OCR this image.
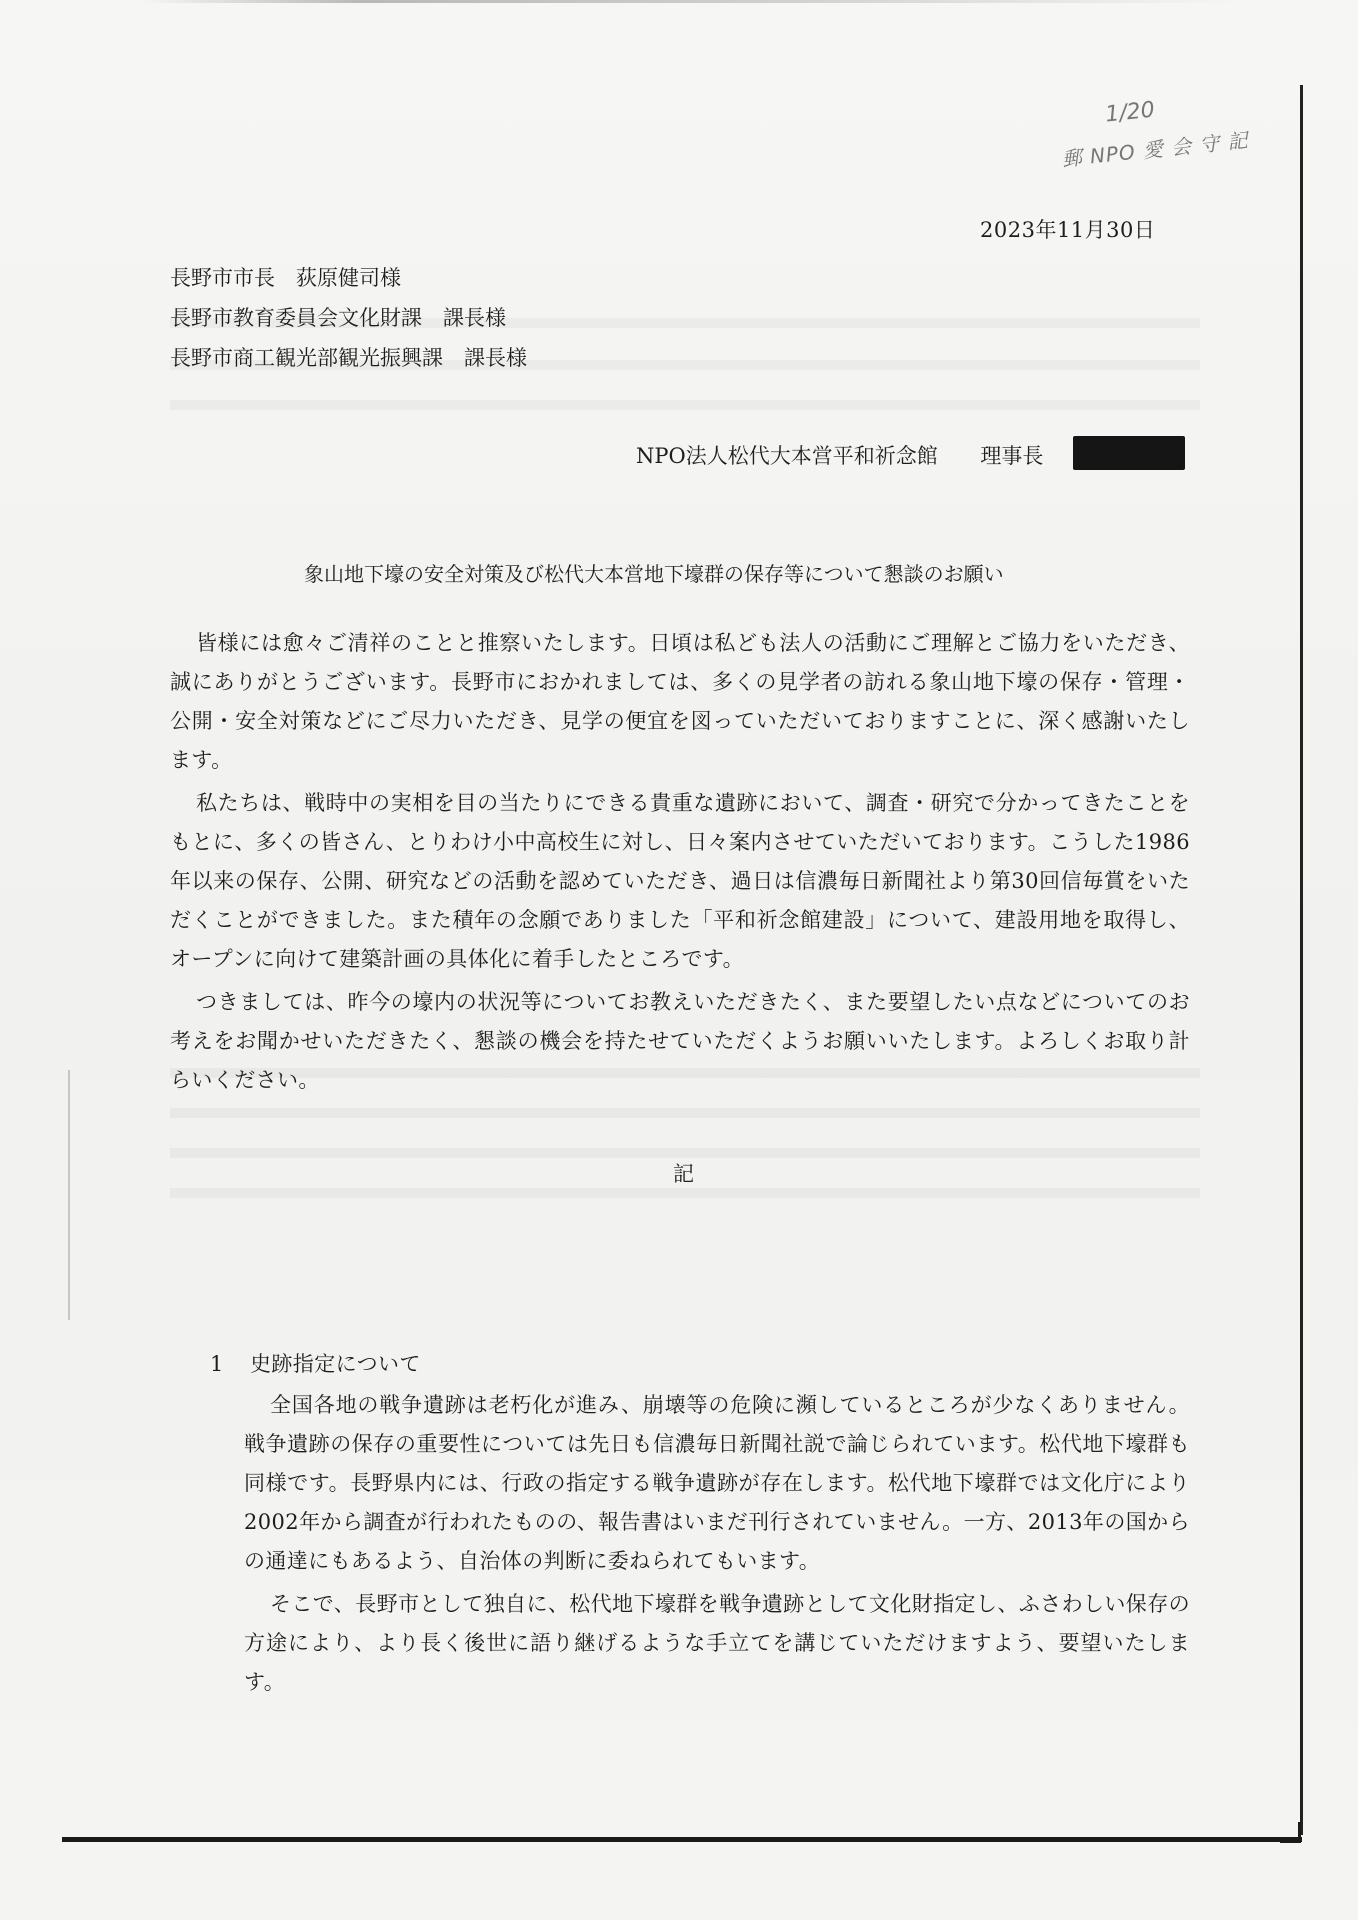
1/20
郵 NPO 愛 会 守 記
2023年11月30日
長野市市長　荻原健司様
長野市教育委員会文化財課　課長様
長野市商工観光部観光振興課　課長様
NPO法人松代大本営平和祈念館 理事長
象山地下壕の安全対策及び松代大本営地下壕群の保存等について懇談のお願い

皆様には愈々ご清祥のことと推察いたします。日頃は私ども法人の活動にご理解とご協力をいただき、誠にありがとうございます。長野市におかれましては、多くの見学者の訪れる象山地下壕の保存・管理・公開・安全対策などにご尽力いただき、見学の便宜を図っていただいておりますことに、深く感謝いたします。

私たちは、戦時中の実相を目の当たりにできる貴重な遺跡において、調査・研究で分かってきたことをもとに、多くの皆さん、とりわけ小中高校生に対し、日々案内させていただいております。こうした1986年以来の保存、公開、研究などの活動を認めていただき、過日は信濃毎日新聞社より第30回信毎賞をいただくことができました。また積年の念願でありました「平和祈念館建設」について、建設用地を取得し、オープンに向けて建築計画の具体化に着手したところです。

つきましては、昨今の壕内の状況等についてお教えいただきたく、また要望したい点などについてのお考えをお聞かせいただきたく、懇談の機会を持たせていただくようお願いいたします。よろしくお取り計らいください。

記
1 史跡指定について

全国各地の戦争遺跡は老朽化が進み、崩壊等の危険に瀕しているところが少なくありません。戦争遺跡の保存の重要性については先日も信濃毎日新聞社説で論じられています。松代地下壕群も同様です。長野県内には、行政の指定する戦争遺跡が存在します。松代地下壕群では文化庁により2002年から調査が行われたものの、報告書はいまだ刊行されていません。一方、2013年の国からの通達にもあるよう、自治体の判断に委ねられてもいます。

そこで、長野市として独自に、松代地下壕群を戦争遺跡として文化財指定し、ふさわしい保存の方途により、より長く後世に語り継げるような手立てを講じていただけますよう、要望いたします。
